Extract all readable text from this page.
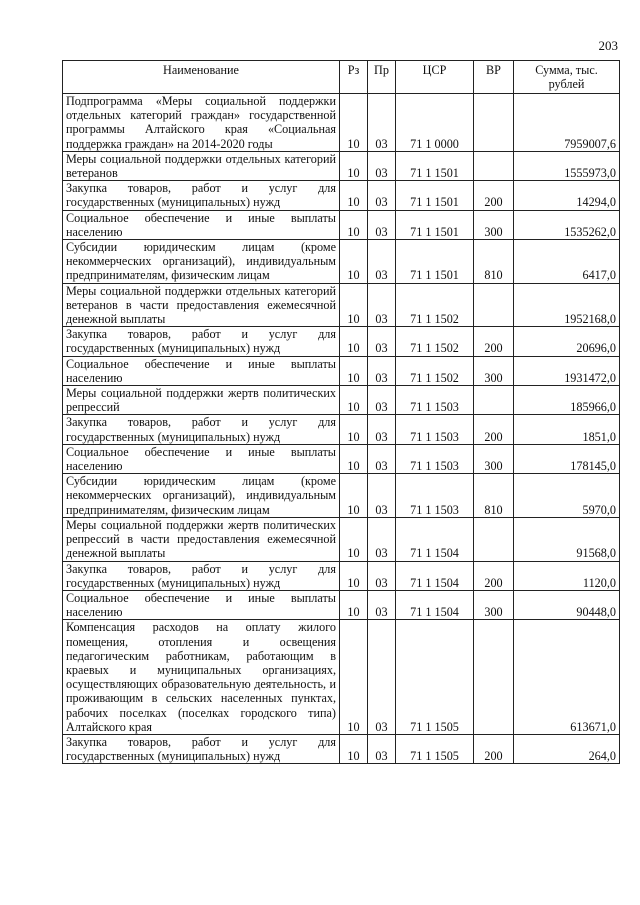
203
Наименование	Рз	Пр	ЦСР	ВР	Сумма, тыс. рублей
Подпрограмма «Меры социальной поддержки отдельных категорий граждан» государственной программы Алтайского края «Социальная поддержка граждан» на 2014-2020 годы	10	03	71 1 0000		7959007,6
Меры социальной поддержки отдельных категорий ветеранов	10	03	71 1 1501		1555973,0
Закупка товаров, работ и услуг для государственных (муниципальных) нужд	10	03	71 1 1501	200	14294,0
Социальное обеспечение и иные выплаты населению	10	03	71 1 1501	300	1535262,0
Субсидии юридическим лицам (кроме некоммерческих организаций), индивидуальным предпринимателям, физическим лицам	10	03	71 1 1501	810	6417,0
Меры социальной поддержки отдельных категорий ветеранов в части предоставления ежемесячной денежной выплаты	10	03	71 1 1502		1952168,0
Закупка товаров, работ и услуг для государственных (муниципальных) нужд	10	03	71 1 1502	200	20696,0
Социальное обеспечение и иные выплаты населению	10	03	71 1 1502	300	1931472,0
Меры социальной поддержки жертв политических репрессий	10	03	71 1 1503		185966,0
Закупка товаров, работ и услуг для государственных (муниципальных) нужд	10	03	71 1 1503	200	1851,0
Социальное обеспечение и иные выплаты населению	10	03	71 1 1503	300	178145,0
Субсидии юридическим лицам (кроме некоммерческих организаций), индивидуальным предпринимателям, физическим лицам	10	03	71 1 1503	810	5970,0
Меры социальной поддержки жертв политических репрессий в части предоставления ежемесячной денежной выплаты	10	03	71 1 1504		91568,0
Закупка товаров, работ и услуг для государственных (муниципальных) нужд	10	03	71 1 1504	200	1120,0
Социальное обеспечение и иные выплаты населению	10	03	71 1 1504	300	90448,0
Компенсация расходов на оплату жилого помещения, отопления и освещения педагогическим работникам, работающим в краевых и муниципальных организациях, осуществляющих образовательную деятельность, и проживающим в сельских населенных пунктах, рабочих поселках (поселках городского типа) Алтайского края	10	03	71 1 1505		613671,0
Закупка товаров, работ и услуг для государственных (муниципальных) нужд	10	03	71 1 1505	200	264,0
